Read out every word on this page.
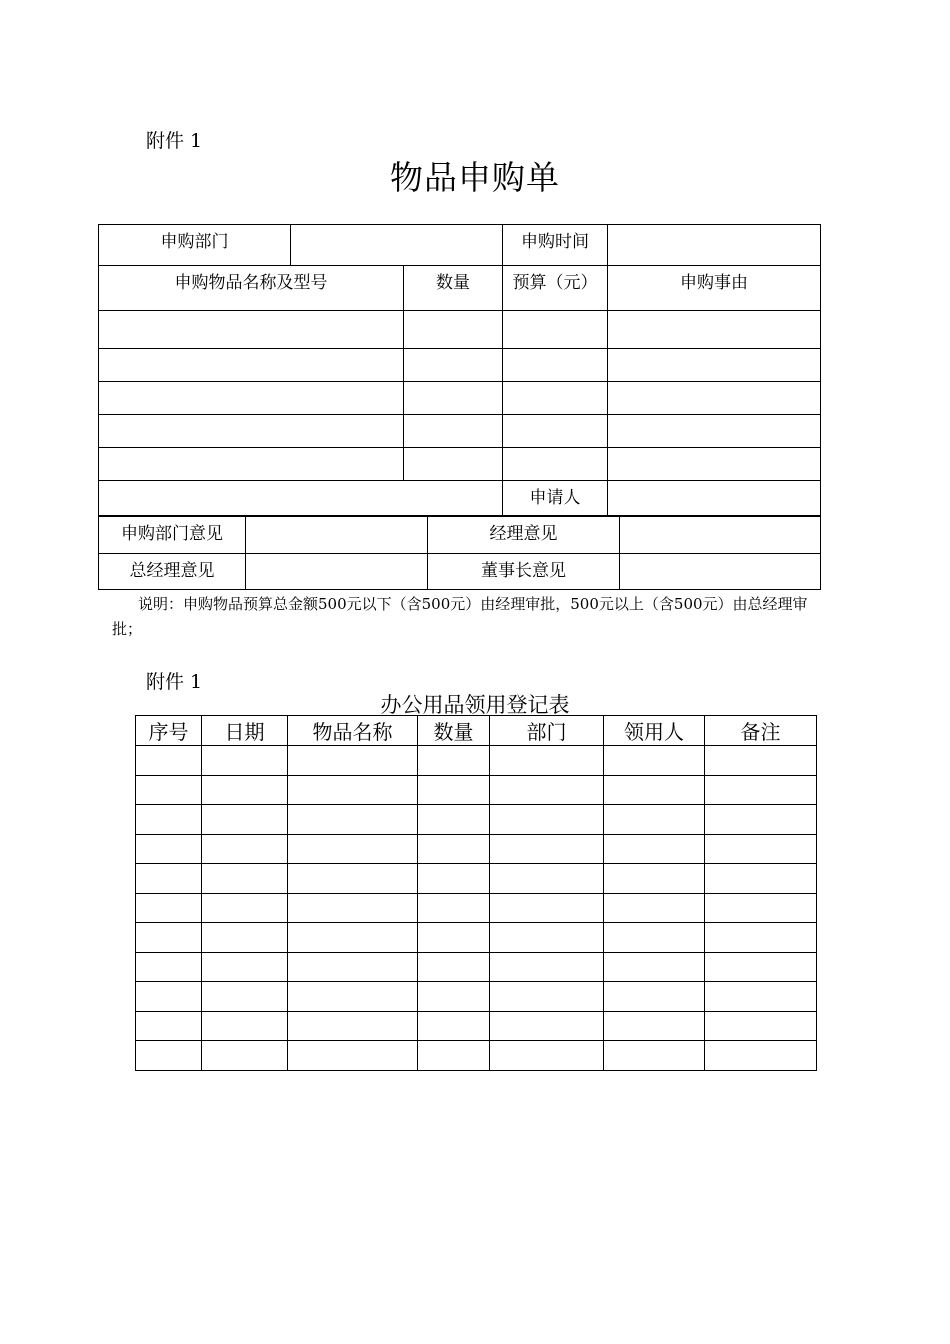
附件 1
物品申购单
申购部门			申购时间	

申购物品名称及型号		数量	预算（元）	申购事由

			申请人	

申购部门意见		经理意见	

总经理意见		董事长意见	

说明：申购物品预算总金额500元以下（含500元）由经理审批，500元以上（含500元）由总经理审批；
附件 1
办公用品领用登记表
序号	日期	物品名称	数量	部门	领用人	备注
